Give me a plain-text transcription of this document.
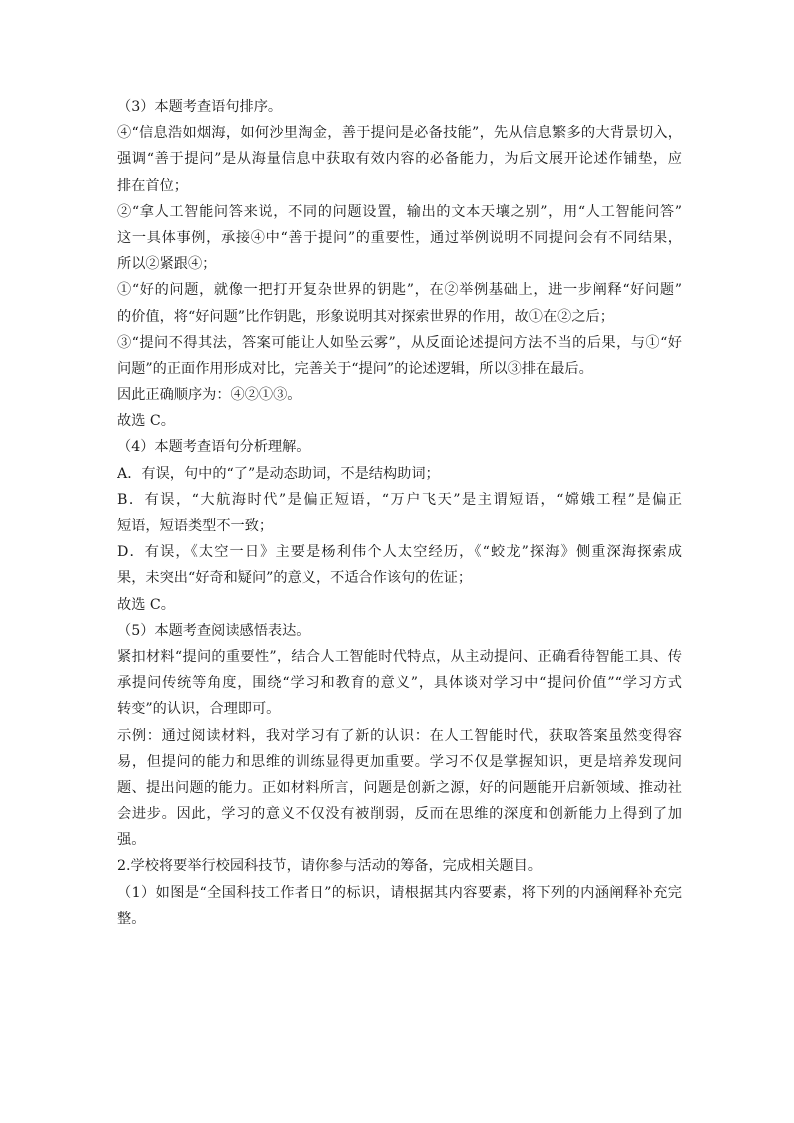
（3）本题考查语句排序。
④“信息浩如烟海，如何沙里淘金，善于提问是必备技能”，先从信息繁多的大背景切入，
强调“善于提问”是从海量信息中获取有效内容的必备能力，为后文展开论述作铺垫，应
排在首位；
②“拿人工智能问答来说，不同的问题设置，输出的文本天壤之别”，用“人工智能问答”
这一具体事例，承接④中“善于提问”的重要性，通过举例说明不同提问会有不同结果，
所以②紧跟④；
①“好的问题，就像一把打开复杂世界的钥匙”，在②举例基础上，进一步阐释“好问题”
的价值，将“好问题”比作钥匙，形象说明其对探索世界的作用，故①在②之后；
③“提问不得其法，答案可能让人如坠云雾”，从反面论述提问方法不当的后果，与①“好
问题”的正面作用形成对比，完善关于“提问”的论述逻辑，所以③排在最后。
因此正确顺序为：④②①③。
故选 C。
（4）本题考查语句分析理解。
A．有误，句中的“了”是动态助词，不是结构助词；
B．有误，“大航海时代”是偏正短语，“万户飞天”是主谓短语，“嫦娥工程”是偏正
短语，短语类型不一致；
D．有误，《太空一日》主要是杨利伟个人太空经历，《“蛟龙”探海》侧重深海探索成
果，未突出“好奇和疑问”的意义，不适合作该句的佐证；
故选 C。
（5）本题考查阅读感悟表达。
紧扣材料“提问的重要性”，结合人工智能时代特点，从主动提问、正确看待智能工具、传
承提问传统等角度，围绕“学习和教育的意义”，具体谈对学习中“提问价值”“学习方式
转变”的认识，合理即可。
示例：通过阅读材料，我对学习有了新的认识：在人工智能时代，获取答案虽然变得容
易，但提问的能力和思维的训练显得更加重要。学习不仅是掌握知识，更是培养发现问
题、提出问题的能力。正如材料所言，问题是创新之源，好的问题能开启新领域、推动社
会进步。因此，学习的意义不仅没有被削弱，反而在思维的深度和创新能力上得到了加
强。
2.学校将要举行校园科技节，请你参与活动的筹备，完成相关题目。
（1）如图是“全国科技工作者日”的标识，请根据其内容要素，将下列的内涵阐释补充完
整。
